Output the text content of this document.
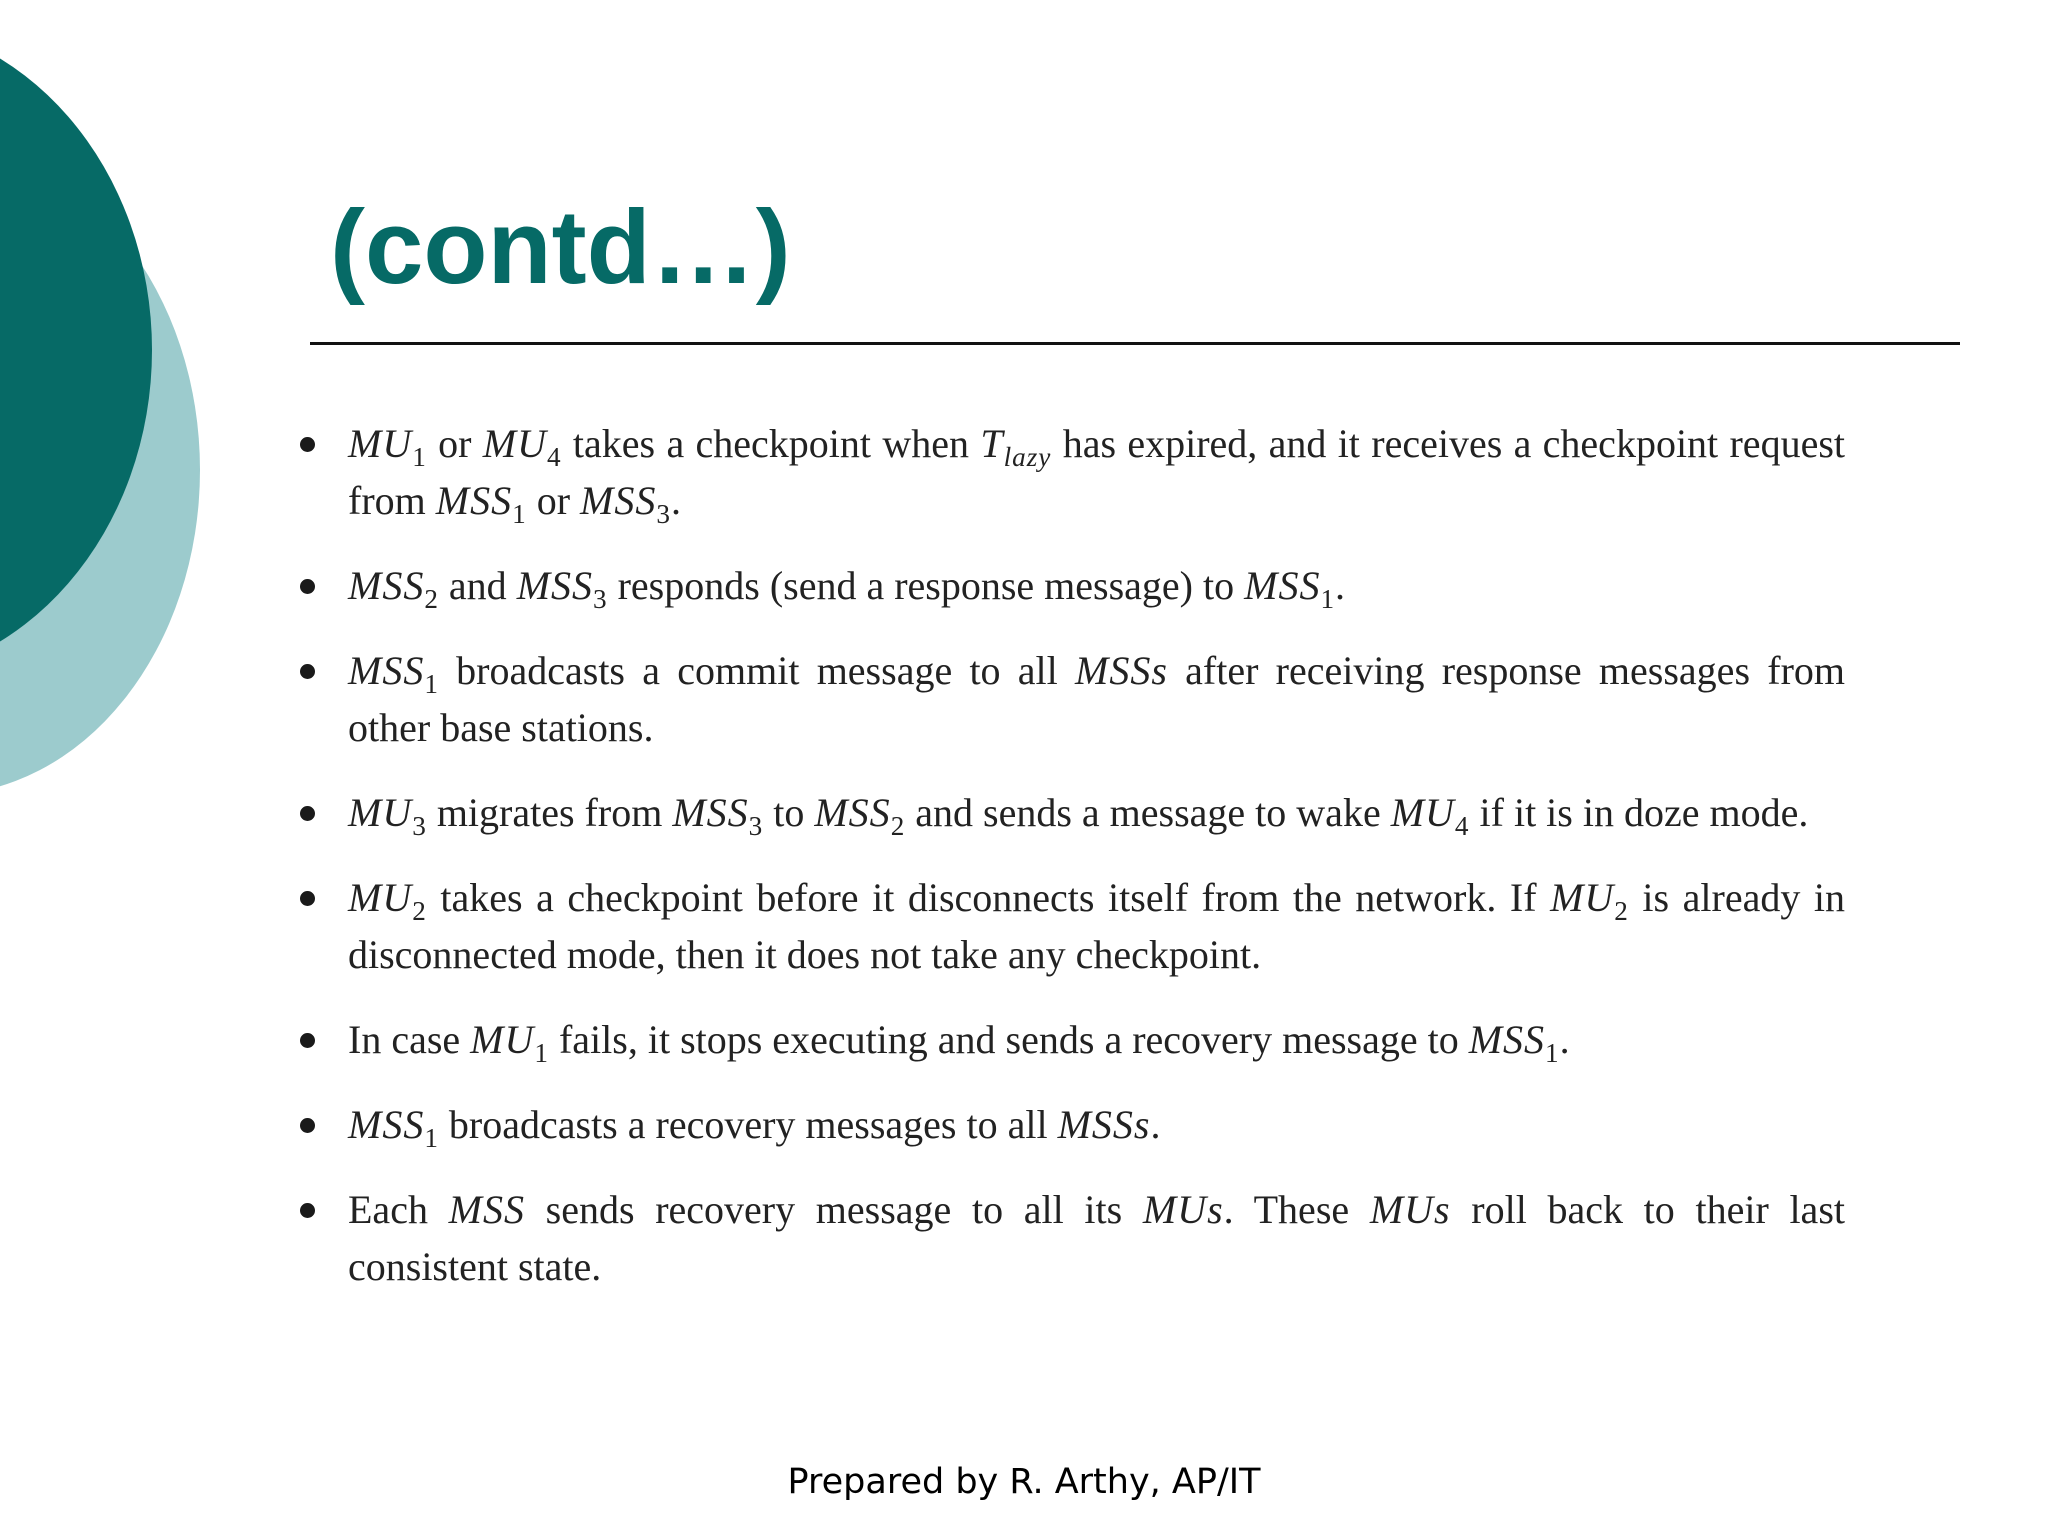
(contd…)
$MU_1$ or $MU_4$ takes a checkpoint when $T_{lazy}$ has expired, and it receives a checkpoint request from $MSS_1$ or $MSS_3$.
$MSS_2$ and $MSS_3$ responds (send a response message) to $MSS_1$.
$MSS_1$ broadcasts a commit message to all MSSs after receiving response messages from other base stations.
$MU_3$ migrates from $MSS_3$ to $MSS_2$ and sends a message to wake $MU_4$ if it is in doze mode.
$MU_2$ takes a checkpoint before it disconnects itself from the network. If $MU_2$ is already in disconnected mode, then it does not take any checkpoint.
In case $MU_1$ fails, it stops executing and sends a recovery message to $MSS_1$.
$MSS_1$ broadcasts a recovery messages to all MSSs.
Each MSS sends recovery message to all its MUs. These MUs roll back to their last consistent state.
Prepared by R. Arthy, AP/IT
